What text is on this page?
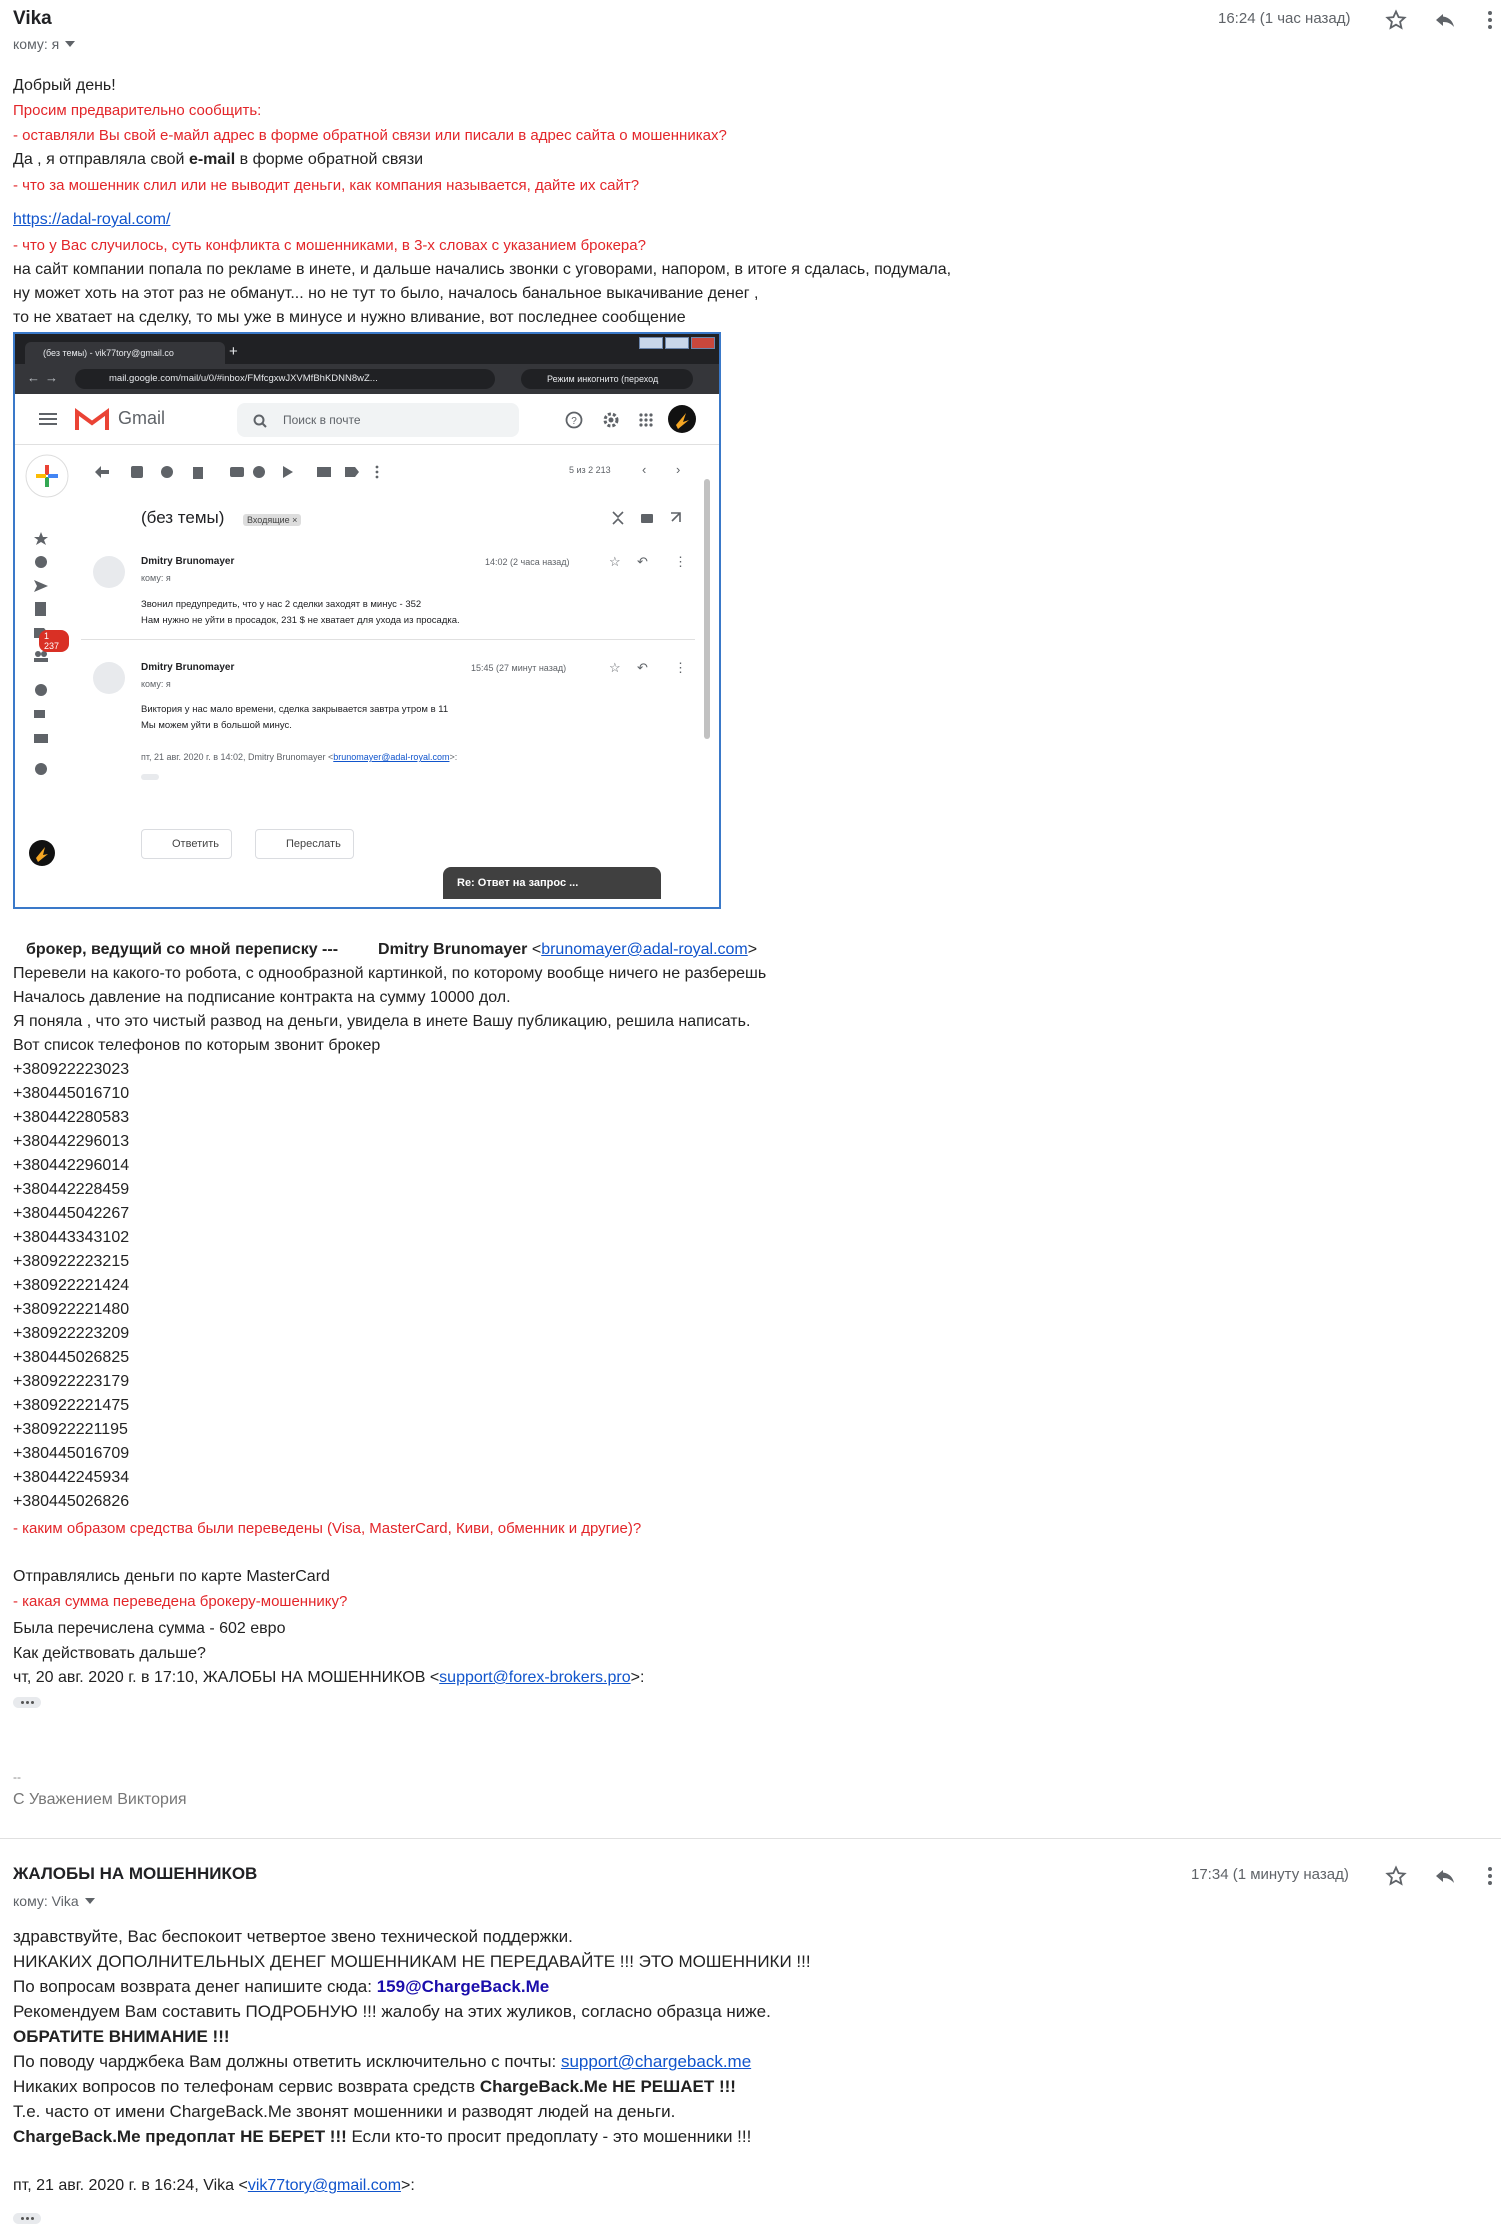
Vika
кому: я
16:24 (1 час назад)
Добрый день!
Просим предварительно сообщить:
- оставляли Вы свой е-майл адрес в форме обратной связи или писали в адрес сайта о мошенниках?
Да , я отправляла свой e-mail в форме обратной связи
- что за мошенник слил или не выводит деньги, как компания называется, дайте их сайт?
https://adal-royal.com/
- что у Вас случилось, суть конфликта с мошенниками, в 3-х словах с указанием брокера?
на сайт компании попала по рекламе в инете, и дальше начались звонки с уговорами, напором, в итоге я сдалась, подумала,
ну может хоть на этот раз не обманут... но не тут то было, началось банальное выкачивание денег ,
то не хватает на сделку, то мы уже в минусе и нужно вливание, вот последнее сообщение
(без темы) - vik77tory@gmail.co	+
← →	mail.google.com/mail/u/0/#inbox/FMfcgxwJXVMfBhKDNN8wZ...	Режим инкогнито (переход
Gmail	Поиск в почте	?
1 237
5 из 2 213 ‹ ›
(без темы)	Входящие ×
Dmitry Brunomayer
кому: я
14:02 (2 часа назад)	☆ ↶ ⋮
Звонил предупредить, что у нас 2 сделки заходят в минус - 352
Нам нужно не уйти в просадок, 231 $ не хватает для ухода из просадка.
Dmitry Brunomayer
кому: я
15:45 (27 минут назад)	☆ ↶ ⋮
Виктория у нас мало времени, сделка закрывается завтра утром в 11
Мы можем уйти в большой минус.
пт, 21 авг. 2020 г. в 14:02, Dmitry Brunomayer <brunomayer@adal-royal.com>:
Ответить	Переслать
Re: Ответ на запрос ...
брокер, ведущий со мной переписку ---	Dmitry Brunomayer <brunomayer@adal-royal.com>
Перевели на какого-то робота, с однообразной картинкой, по которому вообще ничего не разберешь
Началось давление на подписание контракта на сумму 10000 дол.
Я поняла , что это чистый развод на деньги, увидела в инете Вашу публикацию, решила написать.
Вот список телефонов по которым звонит брокер
+380922223023
+380445016710
+380442280583
+380442296013
+380442296014
+380442228459
+380445042267
+380443343102
+380922223215
+380922221424
+380922221480
+380922223209
+380445026825
+380922223179
+380922221475
+380922221195
+380445016709
+380442245934
+380445026826
- каким образом средства были переведены (Visa, MasterCard, Киви, обменник и другие)?
Отправлялись деньги по карте MasterCard
- какая сумма переведена брокеру-мошеннику?
Была перечислена сумма - 602 евро
Как действовать дальше?
чт, 20 авг. 2020 г. в 17:10, ЖАЛОБЫ НА МОШЕННИКОВ <support@forex-brokers.pro>:
--
С Уважением Виктория
ЖАЛОБЫ НА МОШЕННИКОВ
кому: Vika
17:34 (1 минуту назад)
здравствуйте, Вас беспокоит четвертое звено технической поддержки.
НИКАКИХ ДОПОЛНИТЕЛЬНЫХ ДЕНЕГ МОШЕННИКАМ НЕ ПЕРЕДАВАЙТЕ !!! ЭТО МОШЕННИКИ !!!
По вопросам возврата денег напишите сюда: 159@ChargeBack.Me
Рекомендуем Вам составить ПОДРОБНУЮ !!! жалобу на этих жуликов, согласно образца ниже.
ОБРАТИТЕ ВНИМАНИЕ !!!
По поводу чарджбека Вам должны ответить исключительно с почты: support@chargeback.me
Никаких вопросов по телефонам сервис возврата средств ChargeBack.Me НЕ РЕШАЕТ !!!
Т.е. часто от имени ChargeBack.Me звонят мошенники и разводят людей на деньги.
ChargeBack.Me предоплат НЕ БЕРЕТ !!! Если кто-то просит предоплату - это мошенники !!!
пт, 21 авг. 2020 г. в 16:24, Vika <vik77tory@gmail.com>:
